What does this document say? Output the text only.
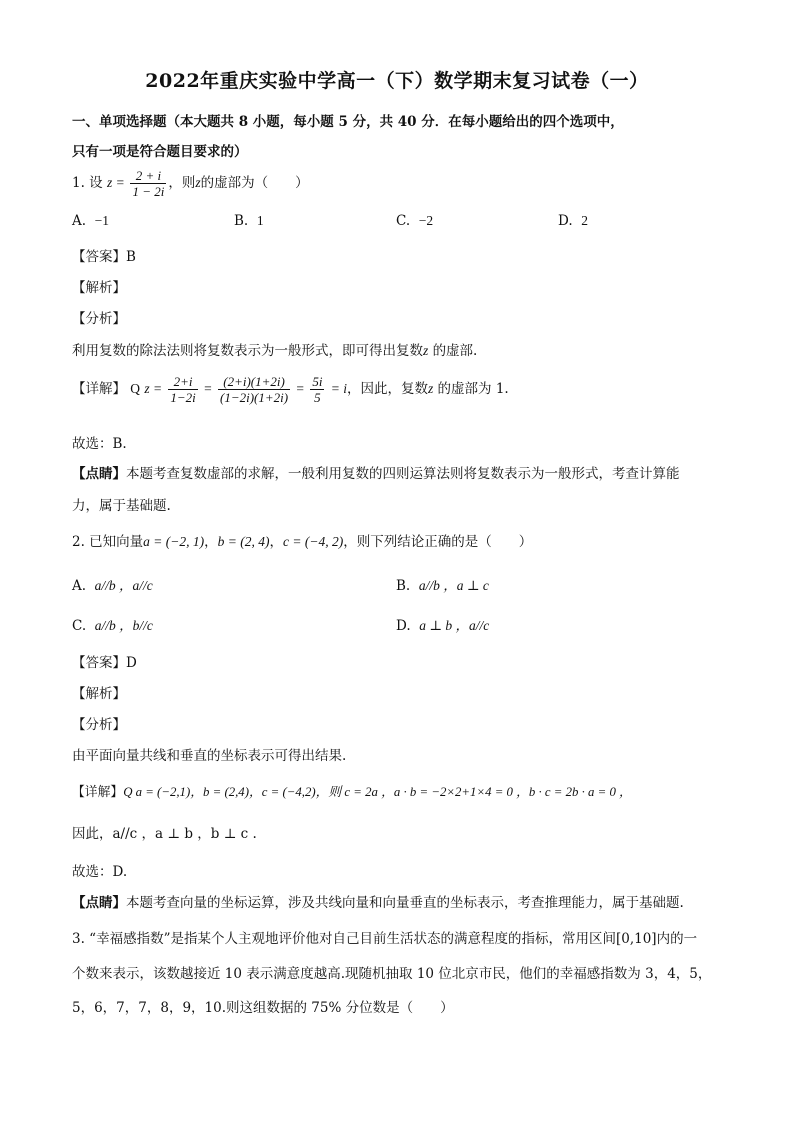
2022年重庆实验中学高一（下）数学期末复习试卷（一）
一、单项选择题（本大题共 8 小题，每小题 5 分，共 40 分．在每小题给出的四个选项中，
只有一项是符合题目要求的）
1. 设 $z = \frac{2 + i}{1 - 2i}$ ，则z的虚部为（　　）
A. −1	B. 1	C. −2	D. 2
【答案】B
【解析】
【分析】
利用复数的除法法则将复数表示为一般形式，即可得出复数z 的虚部.
【详解】 Q $z = \frac{2+i}{1-2i} = \frac{(2+i)(1+2i)}{(1-2i)(1+2i)} = \frac{5i}{5} = i$，因此，复数z 的虚部为 1.
故选：B.
【点睛】本题考查复数虚部的求解，一般利用复数的四则运算法则将复数表示为一般形式，考查计算能
力，属于基础题.
2. 已知向量a = (−2, 1)，b = (2, 4)，c = (−4, 2)，则下列结论正确的是（　　）
A. a//b ，a//c	B. a//b ，a ⊥ c
C. a//b ，b//c	D. a ⊥ b ，a//c
【答案】D
【解析】
【分析】
由平面向量共线和垂直的坐标表示可得出结果.
【详解】Q a = (−2,1)，b = (2,4)，c = (−4,2)，则 c = 2a ，a · b = −2×2+1×4 = 0 ，b · c = 2b · a = 0 ，
因此，a//c ，a ⊥ b ，b ⊥ c .
故选：D.
【点睛】本题考查向量的坐标运算，涉及共线向量和向量垂直的坐标表示，考查推理能力，属于基础题.
3. “幸福感指数”是指某个人主观地评价他对自己目前生活状态的满意程度的指标，常用区间[0,10]内的一
个数来表示，该数越接近 10 表示满意度越高.现随机抽取 10 位北京市民，他们的幸福感指数为 3，4，5，
5，6，7，7，8，9，10.则这组数据的 75% 分位数是（　　）
